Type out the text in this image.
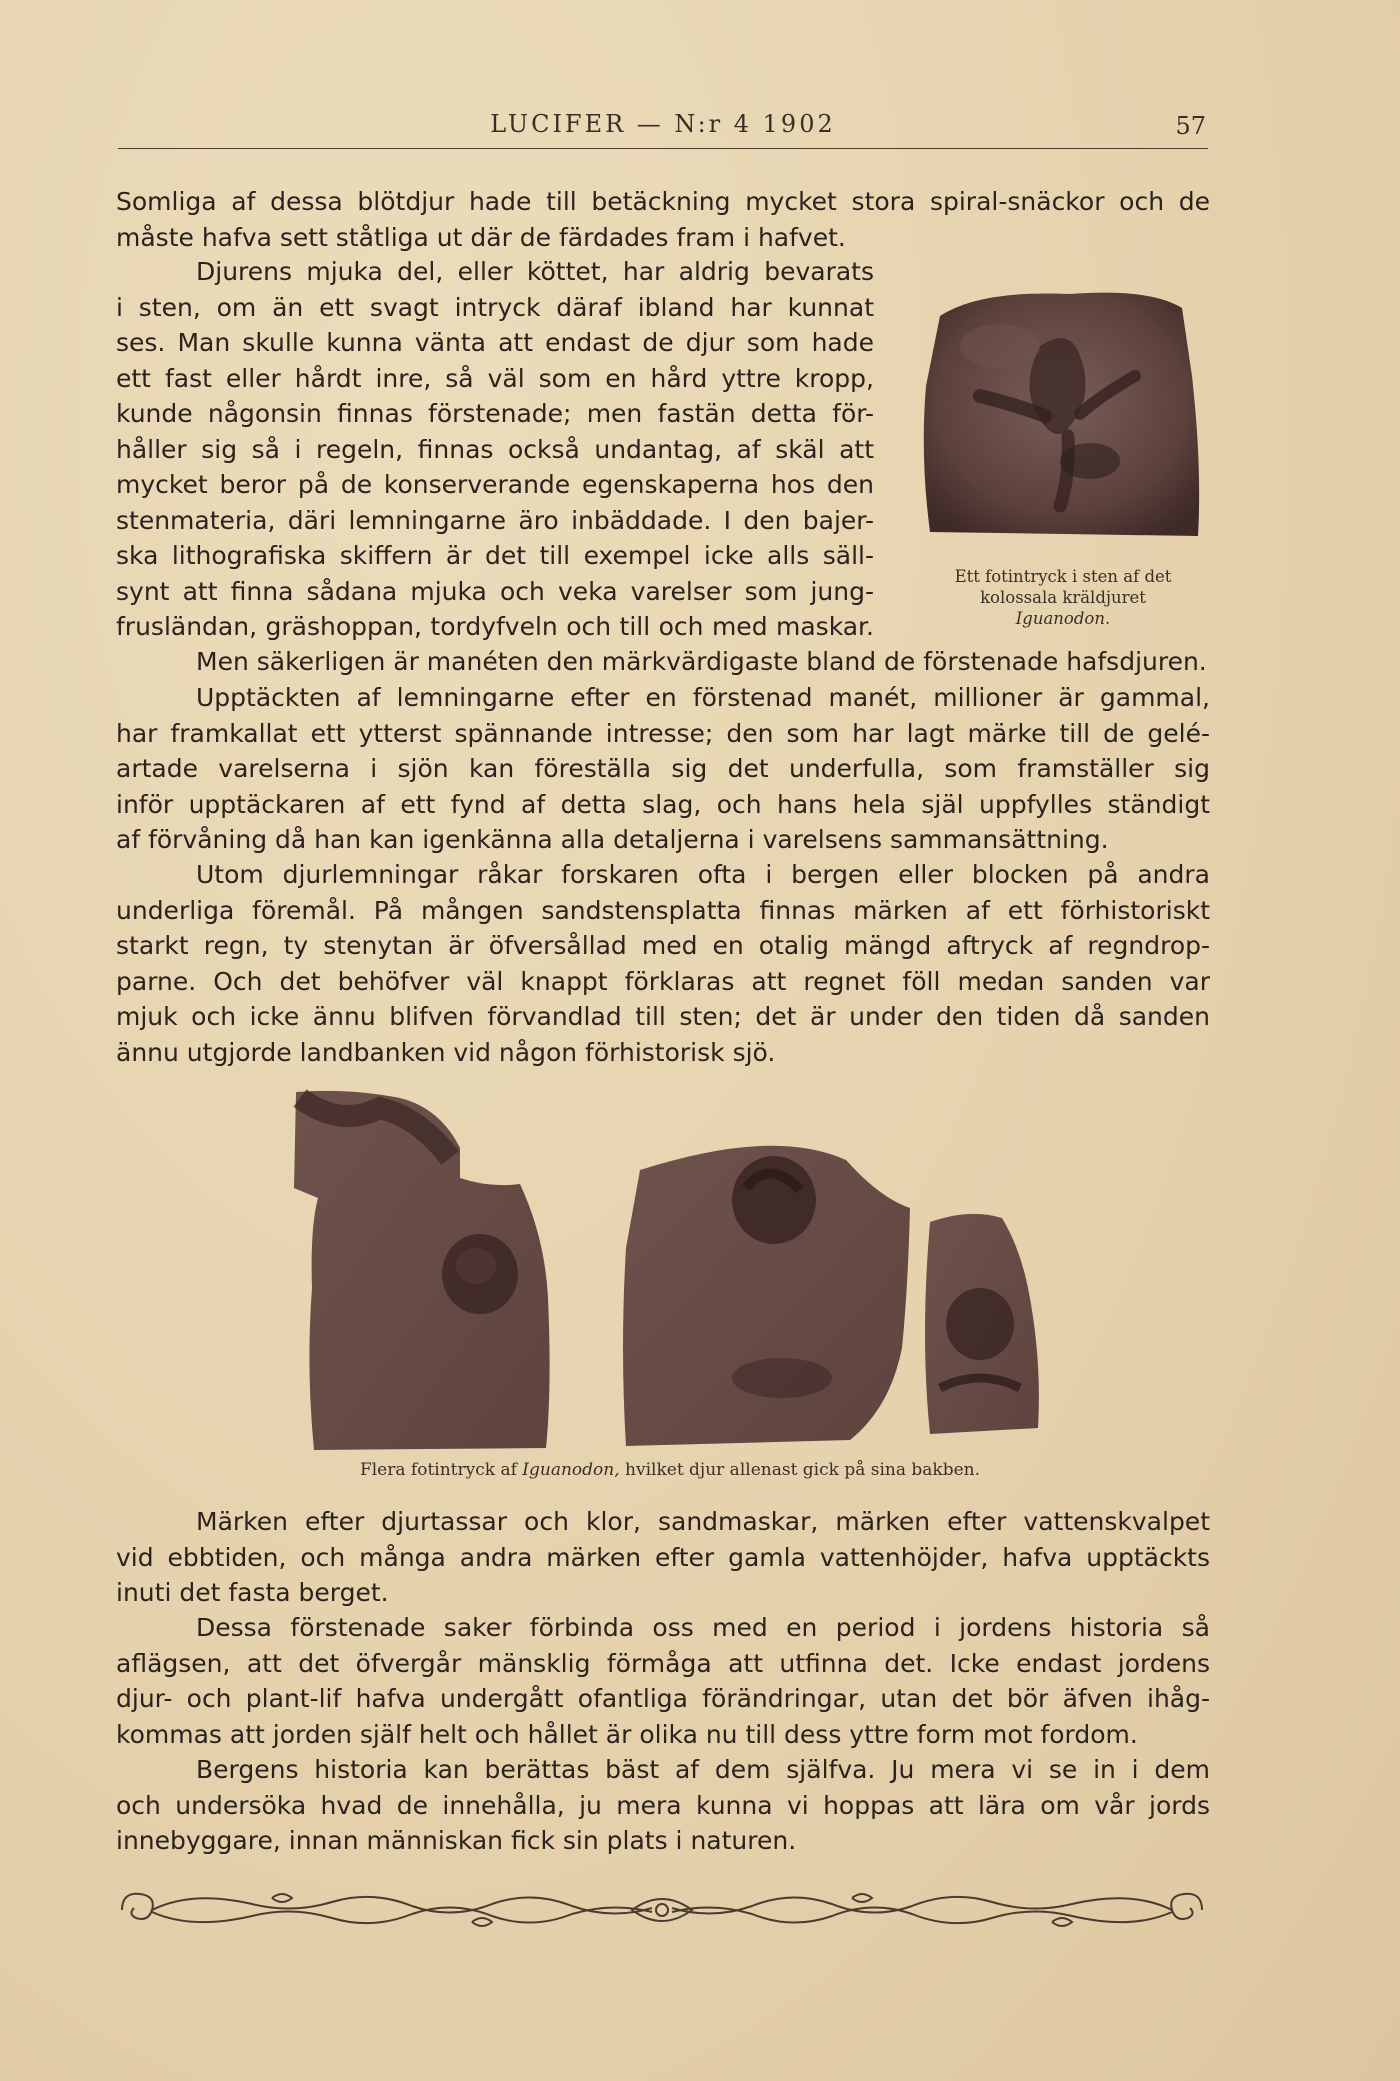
LUCIFER — N:r 4 1902	57
Somliga af dessa blötdjur hade till betäckning mycket stora spiral-snäckor och de
måste hafva sett ståtliga ut där de färdades fram i hafvet.
Djurens mjuka del, eller köttet, har aldrig bevarats
i sten, om än ett svagt intryck däraf ibland har kunnat
ses. Man skulle kunna vänta att endast de djur som hade
ett fast eller hårdt inre, så väl som en hård yttre kropp,
kunde någonsin finnas förstenade; men fastän detta för-
håller sig så i regeln, finnas också undantag, af skäl att
mycket beror på de konserverande egenskaperna hos den
stenmateria, däri lemningarne äro inbäddade. I den bajer-
ska lithografiska skiffern är det till exempel icke alls säll-
synt att finna sådana mjuka och veka varelser som jung-
frusländan, gräshoppan, tordyfveln och till och med maskar.
Ett fotintryck i sten af det
kolossala kräldjuret
Iguanodon.
Men säkerligen är manéten den märkvärdigaste bland de förstenade hafsdjuren.
Upptäckten af lemningarne efter en förstenad manét, millioner är gammal,
har framkallat ett ytterst spännande intresse; den som har lagt märke till de gelé-
artade varelserna i sjön kan föreställa sig det underfulla, som framställer sig
inför upptäckaren af ett fynd af detta slag, och hans hela själ uppfylles ständigt
af förvåning då han kan igenkänna alla detaljerna i varelsens sammansättning.
Utom djurlemningar råkar forskaren ofta i bergen eller blocken på andra
underliga föremål. På mången sandstensplatta finnas märken af ett förhistoriskt
starkt regn, ty stenytan är öfversållad med en otalig mängd aftryck af regndrop-
parne. Och det behöfver väl knappt förklaras att regnet föll medan sanden var
mjuk och icke ännu blifven förvandlad till sten; det är under den tiden då sanden
ännu utgjorde landbanken vid någon förhistorisk sjö.
Flera fotintryck af Iguanodon, hvilket djur allenast gick på sina bakben.
Märken efter djurtassar och klor, sandmaskar, märken efter vattenskvalpet
vid ebbtiden, och många andra märken efter gamla vattenhöjder, hafva upptäckts
inuti det fasta berget.
Dessa förstenade saker förbinda oss med en period i jordens historia så
aflägsen, att det öfvergår mänsklig förmåga att utfinna det. Icke endast jordens
djur- och plant-lif hafva undergått ofantliga förändringar, utan det bör äfven ihåg-
kommas att jorden själf helt och hållet är olika nu till dess yttre form mot fordom.
Bergens historia kan berättas bäst af dem själfva. Ju mera vi se in i dem
och undersöka hvad de innehålla, ju mera kunna vi hoppas att lära om vår jords
innebyggare, innan människan fick sin plats i naturen.
